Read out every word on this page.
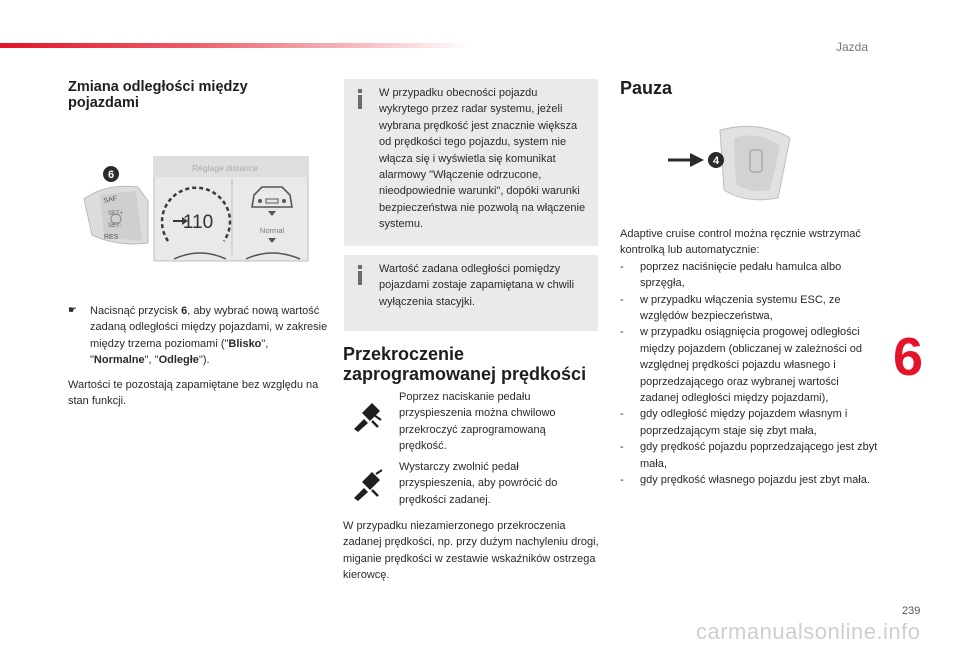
Jazda
6
239
carmanualsonline.info
Zmiana odległości między
pojazdami
SAF
SET+
SET-
RES
6
Réglage distance
110	Normal
☛ Nacisnąć przycisk 6, aby wybrać nową wartość zadaną odległości między pojazdami, w zakresie między trzema poziomami ("Blisko", "Normalne", "Odległe").
Wartości te pozostają zapamiętane bez względu na stan funkcji.
W przypadku obecności pojazdu wykrytego przez radar systemu, jeżeli wybrana prędkość jest znacznie większa od prędkości tego pojazdu, system nie włącza się i wyświetla się komunikat alarmowy "Włączenie odrzucone, nieodpowiednie warunki", dopóki warunki bezpieczeństwa nie pozwolą na włączenie systemu.
Wartość zadana odległości pomiędzy pojazdami zostaje zapamiętana w chwili wyłączenia stacyjki.
Przekroczenie
zaprogramowanej prędkości
Poprzez naciskanie pedału przyspieszenia można chwilowo przekroczyć zaprogramowaną prędkość.
Wystarczy zwolnić pedał przyspieszenia, aby powrócić do prędkości zadanej.
W przypadku niezamierzonego przekroczenia zadanej prędkości, np. przy dużym nachyleniu drogi, miganie prędkości w zestawie wskaźników ostrzega kierowcę.
Pauza
4
Adaptive cruise control można ręcznie wstrzymać kontrolką lub automatycznie:
- poprzez naciśnięcie pedału hamulca albo sprzęgła,
- w przypadku włączenia systemu ESC, ze względów bezpieczeństwa,
- w przypadku osiągnięcia progowej odległości między pojazdem (obliczanej w zależności od względnej prędkości pojazdu własnego i poprzedzającego oraz wybranej wartości zadanej odległości między pojazdami),
- gdy odległość między pojazdem własnym i poprzedzającym staje się zbyt mała,
- gdy prędkość pojazdu poprzedzającego jest zbyt mała,
- gdy prędkość własnego pojazdu jest zbyt mała.
